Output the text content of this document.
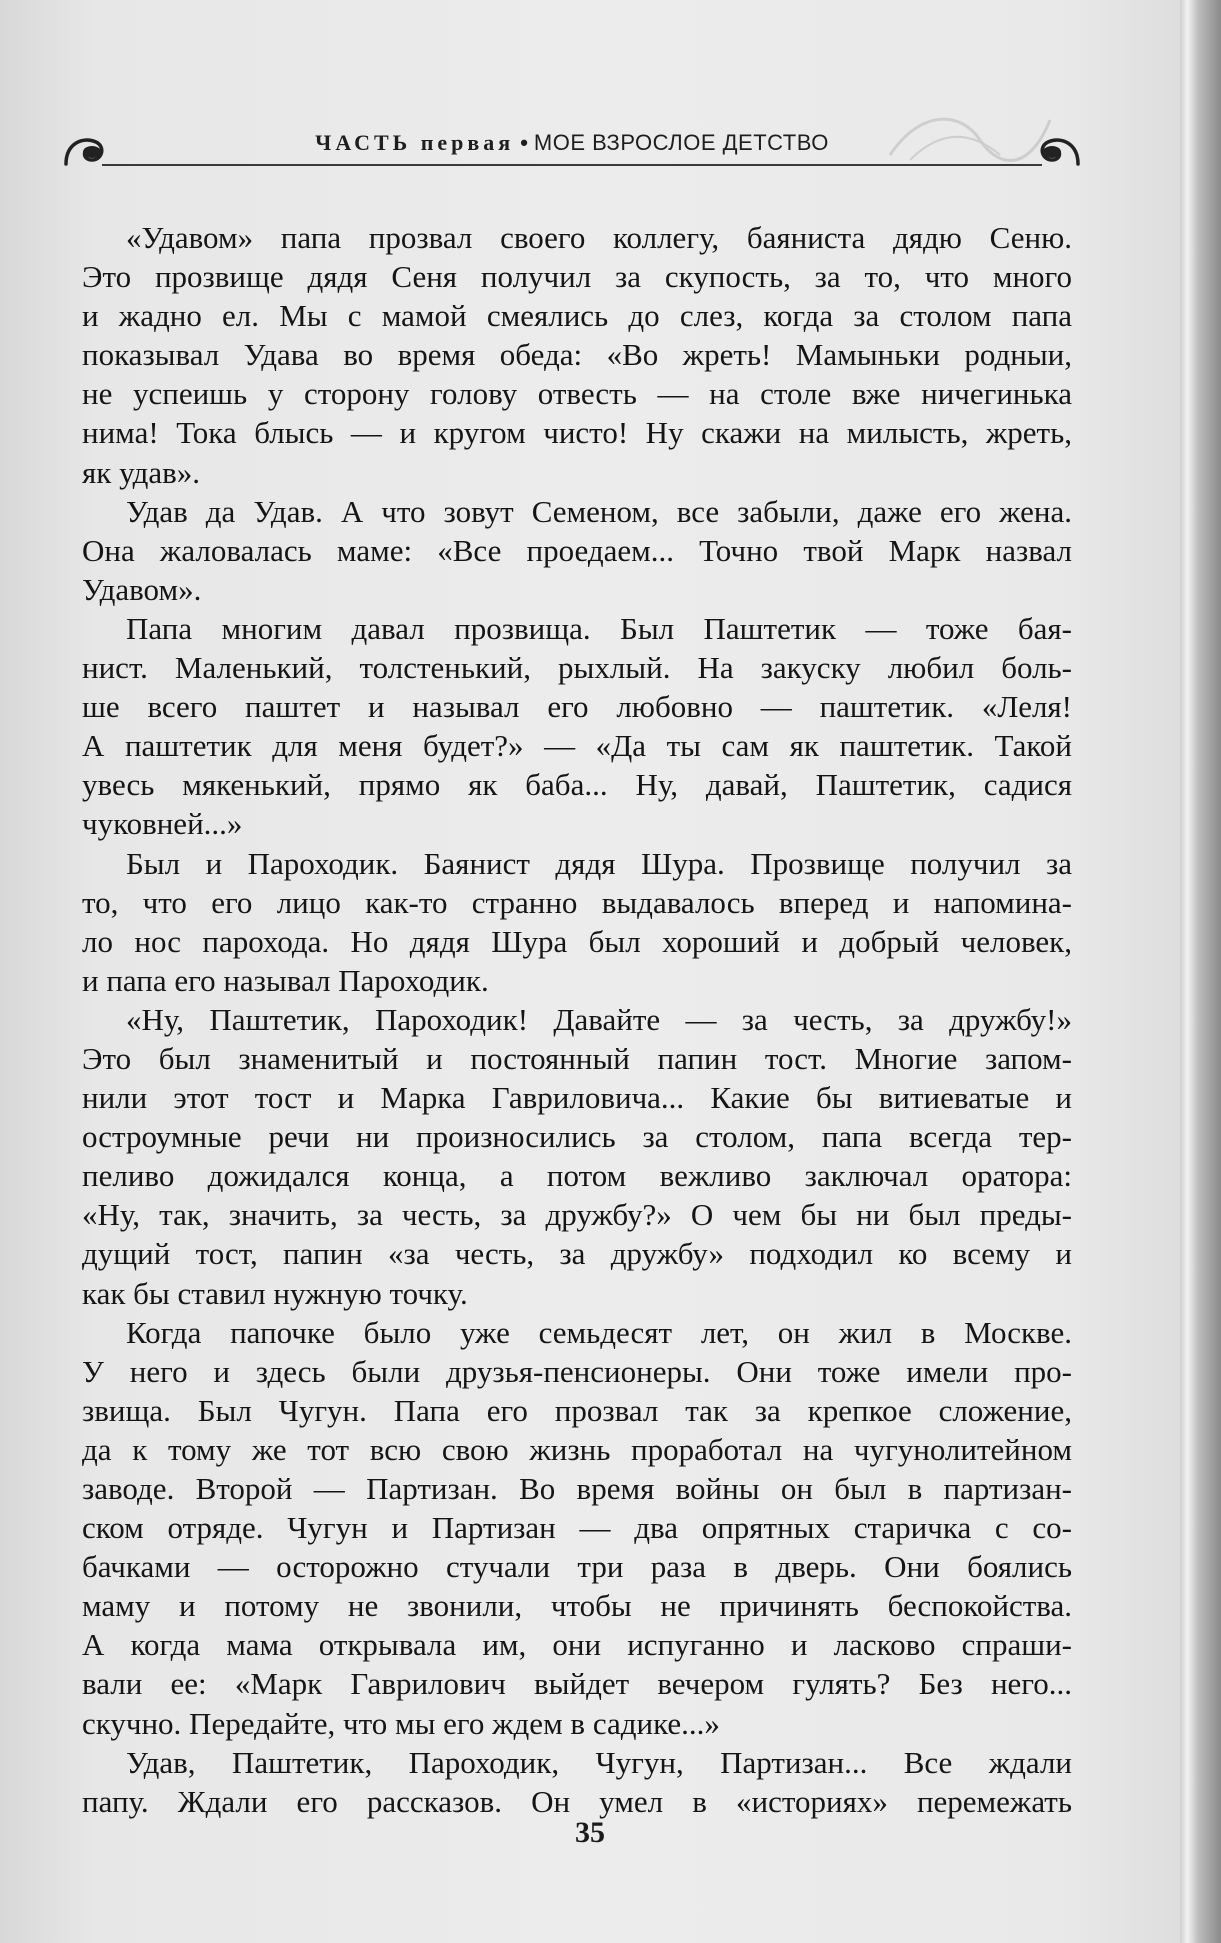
ЧАСТЬ первая • МОЕ ВЗРОСЛОЕ ДЕТСТВО
«Удавом» папа прозвал своего коллегу, баяниста дядю Сеню.
Это прозвище дядя Сеня получил за скупость, за то, что много
и жадно ел. Мы с мамой смеялись до слез, когда за столом папа
показывал Удава во время обеда: «Во жреть! Мамыньки родныи,
не успеишь у сторону голову отвесть — на столе вже ничегинька
нима! Тока блысь — и кругом чисто! Ну скажи на милысть, жреть,
як удав».
Удав да Удав. А что зовут Семеном, все забыли, даже его жена.
Она жаловалась маме: «Все проедаем... Точно твой Марк назвал
Удавом».
Папа многим давал прозвища. Был Паштетик — тоже бая-
нист. Маленький, толстенький, рыхлый. На закуску любил боль-
ше всего паштет и называл его любовно — паштетик. «Леля!
А паштетик для меня будет?» — «Да ты сам як паштетик. Такой
увесь мякенький, прямо як баба... Ну, давай, Паштетик, садися
чуковней...»
Был и Пароходик. Баянист дядя Шура. Прозвище получил за
то, что его лицо как-то странно выдавалось вперед и напомина-
ло нос парохода. Но дядя Шура был хороший и добрый человек,
и папа его называл Пароходик.
«Ну, Паштетик, Пароходик! Давайте — за честь, за дружбу!»
Это был знаменитый и постоянный папин тост. Многие запом-
нили этот тост и Марка Гавриловича... Какие бы витиеватые и
остроумные речи ни произносились за столом, папа всегда тер-
пеливо дожидался конца, а потом вежливо заключал оратора:
«Ну, так, значить, за честь, за дружбу?» О чем бы ни был преды-
дущий тост, папин «за честь, за дружбу» подходил ко всему и
как бы ставил нужную точку.
Когда папочке было уже семьдесят лет, он жил в Москве.
У него и здесь были друзья-пенсионеры. Они тоже имели про-
звища. Был Чугун. Папа его прозвал так за крепкое сложение,
да к тому же тот всю свою жизнь проработал на чугунолитейном
заводе. Второй — Партизан. Во время войны он был в партизан-
ском отряде. Чугун и Партизан — два опрятных старичка с со-
бачками — осторожно стучали три раза в дверь. Они боялись
маму и потому не звонили, чтобы не причинять беспокойства.
А когда мама открывала им, они испуганно и ласково спраши-
вали ее: «Марк Гаврилович выйдет вечером гулять? Без него...
скучно. Передайте, что мы его ждем в садике...»
Удав, Паштетик, Пароходик, Чугун, Партизан... Все ждали
папу. Ждали его рассказов. Он умел в «историях» перемежать
35
